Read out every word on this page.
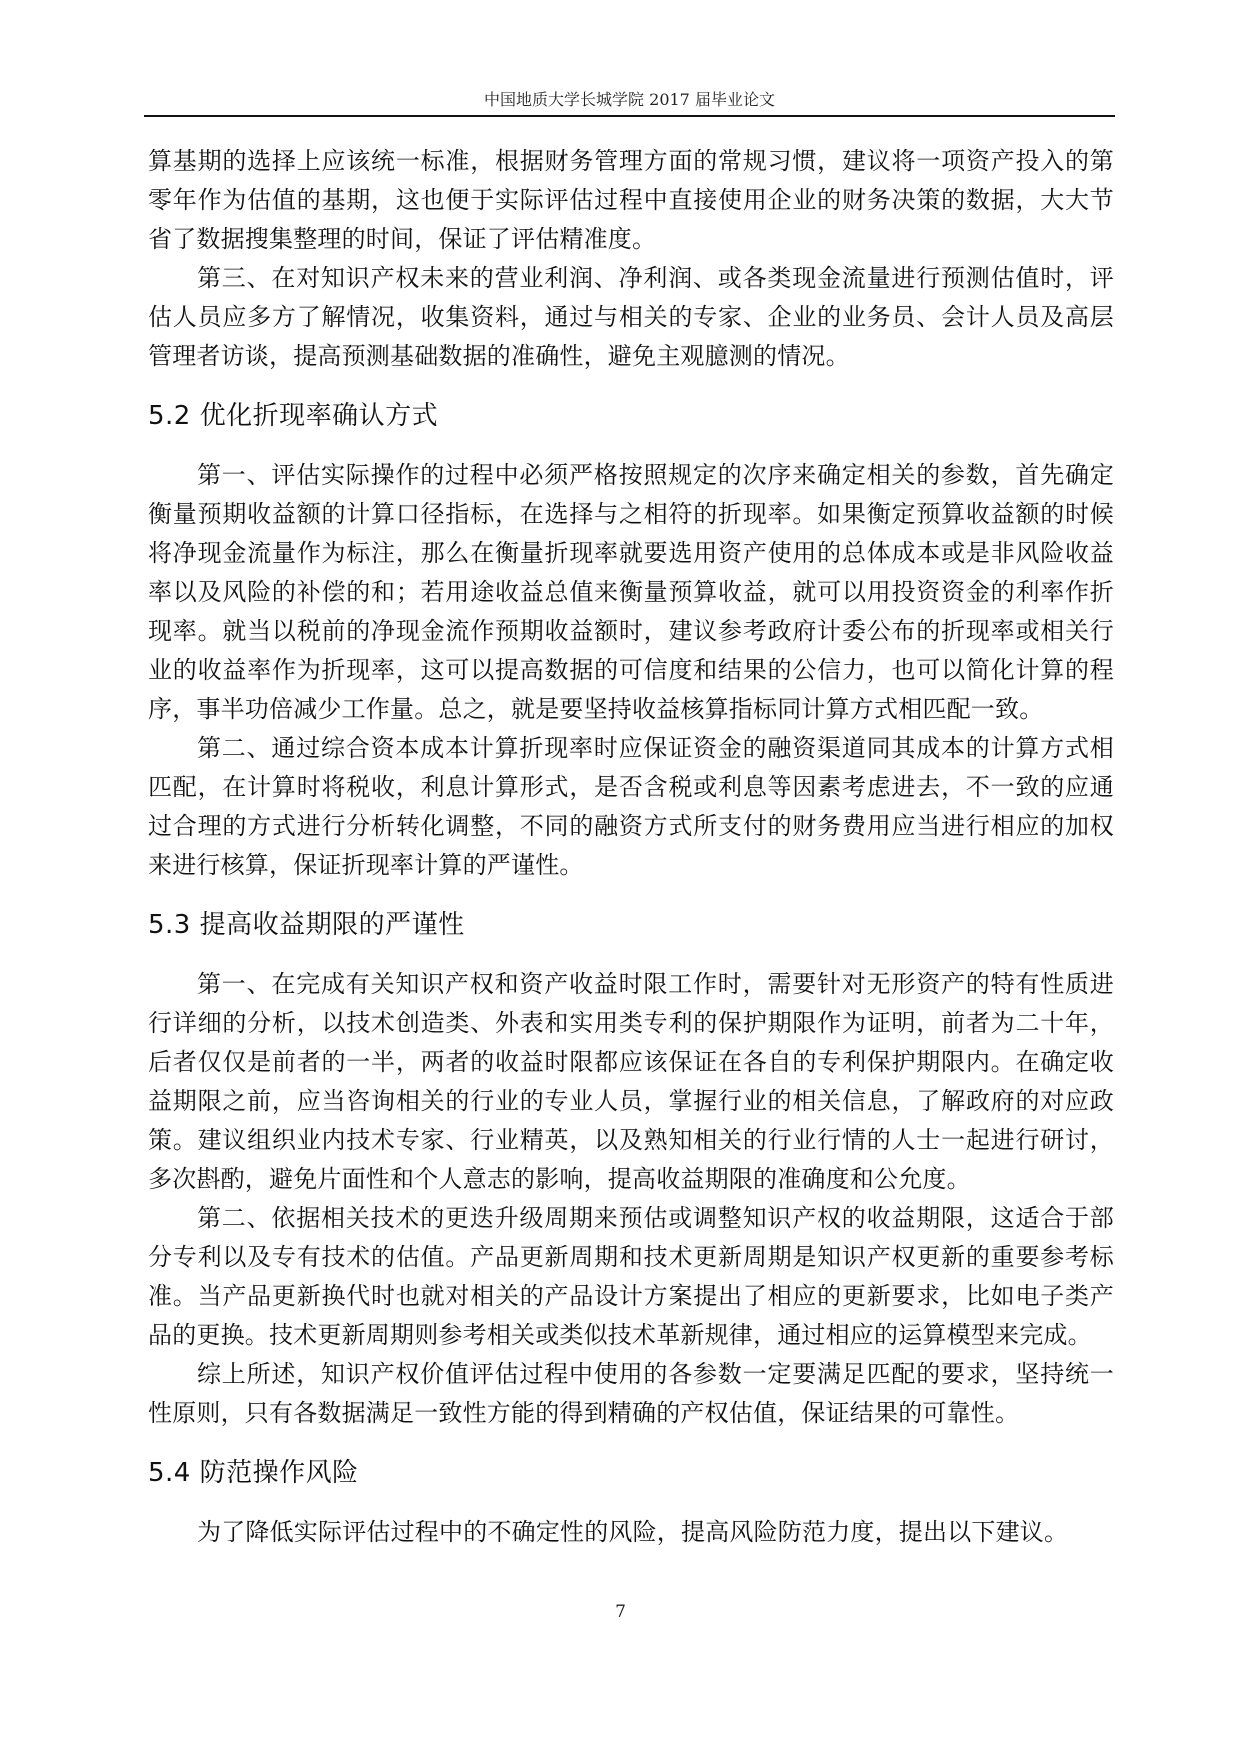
中国地质大学长城学院 2017 届毕业论文

算基期的选择上应该统一标准，根据财务管理方面的常规习惯，建议将一项资产投入的第零年作为估值的基期，这也便于实际评估过程中直接使用企业的财务决策的数据，大大节省了数据搜集整理的时间，保证了评估精准度。

第三、在对知识产权未来的营业利润、净利润、或各类现金流量进行预测估值时，评估人员应多方了解情况，收集资料，通过与相关的专家、企业的业务员、会计人员及高层管理者访谈，提高预测基础数据的准确性，避免主观臆测的情况。

5.2 优化折现率确认方式

第一、评估实际操作的过程中必须严格按照规定的次序来确定相关的参数，首先确定衡量预期收益额的计算口径指标，在选择与之相符的折现率。如果衡定预算收益额的时候将净现金流量作为标注，那么在衡量折现率就要选用资产使用的总体成本或是非风险收益率以及风险的补偿的和；若用途收益总值来衡量预算收益，就可以用投资资金的利率作折现率。就当以税前的净现金流作预期收益额时，建议参考政府计委公布的折现率或相关行业的收益率作为折现率，这可以提高数据的可信度和结果的公信力，也可以简化计算的程序，事半功倍减少工作量。总之，就是要坚持收益核算指标同计算方式相匹配一致。

第二、通过综合资本成本计算折现率时应保证资金的融资渠道同其成本的计算方式相匹配，在计算时将税收，利息计算形式，是否含税或利息等因素考虑进去，不一致的应通过合理的方式进行分析转化调整，不同的融资方式所支付的财务费用应当进行相应的加权来进行核算，保证折现率计算的严谨性。

5.3 提高收益期限的严谨性

第一、在完成有关知识产权和资产收益时限工作时，需要针对无形资产的特有性质进行详细的分析，以技术创造类、外表和实用类专利的保护期限作为证明，前者为二十年，后者仅仅是前者的一半，两者的收益时限都应该保证在各自的专利保护期限内。在确定收益期限之前，应当咨询相关的行业的专业人员，掌握行业的相关信息，了解政府的对应政策。建议组织业内技术专家、行业精英，以及熟知相关的行业行情的人士一起进行研讨，多次斟酌，避免片面性和个人意志的影响，提高收益期限的准确度和公允度。

第二、依据相关技术的更迭升级周期来预估或调整知识产权的收益期限，这适合于部分专利以及专有技术的估值。产品更新周期和技术更新周期是知识产权更新的重要参考标准。当产品更新换代时也就对相关的产品设计方案提出了相应的更新要求，比如电子类产品的更换。技术更新周期则参考相关或类似技术革新规律，通过相应的运算模型来完成。

综上所述，知识产权价值评估过程中使用的各参数一定要满足匹配的要求，坚持统一性原则，只有各数据满足一致性方能的得到精确的产权估值，保证结果的可靠性。

5.4 防范操作风险

为了降低实际评估过程中的不确定性的风险，提高风险防范力度，提出以下建议。

7
